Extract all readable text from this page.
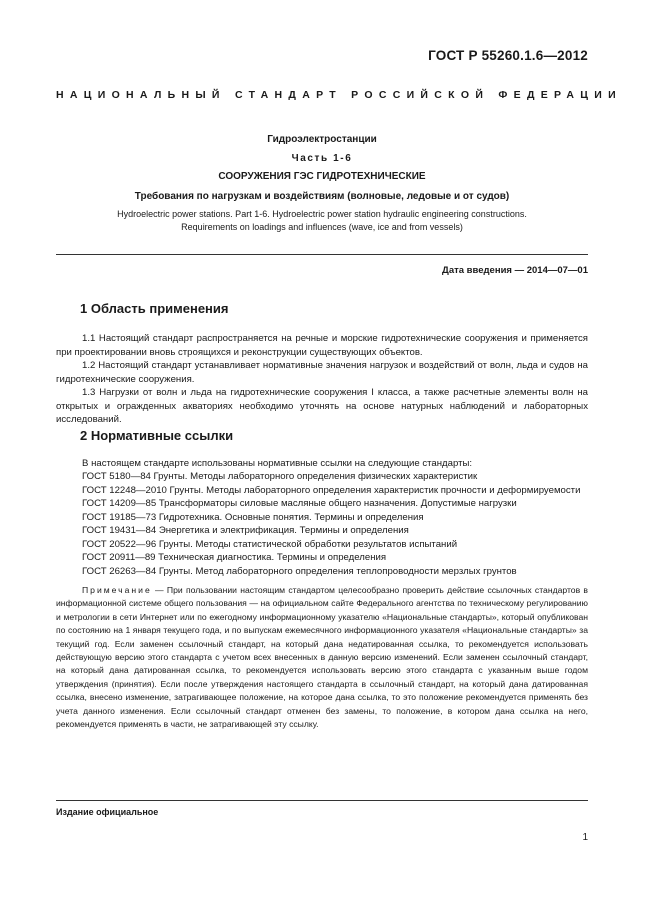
ГОСТ Р 55260.1.6—2012
НАЦИОНАЛЬНЫЙ СТАНДАРТ РОССИЙСКОЙ ФЕДЕРАЦИИ
Гидроэлектростанции
Часть 1-6
СООРУЖЕНИЯ ГЭС ГИДРОТЕХНИЧЕСКИЕ
Требования по нагрузкам и воздействиям (волновые, ледовые и от судов)
Hydroelectric power stations. Part 1-6. Hydroelectric power station hydraulic engineering constructions.
Requirements on loadings and influences (wave, ice and from vessels)
Дата введения — 2014—07—01
1 Область применения

1.1 Настоящий стандарт распространяется на речные и морские гидротехнические сооружения и применяется при проектировании вновь строящихся и реконструкции существующих объектов.

1.2 Настоящий стандарт устанавливает нормативные значения нагрузок и воздействий от волн, льда и судов на гидротехнические сооружения.

1.3 Нагрузки от волн и льда на гидротехнические сооружения I класса, а также расчетные элементы волн на открытых и огражденных акваториях необходимо уточнять на основе натурных наблюдений и лабораторных исследований.

2 Нормативные ссылки

В настоящем стандарте использованы нормативные ссылки на следующие стандарты:

ГОСТ 5180—84 Грунты. Методы лабораторного определения физических характеристик

ГОСТ 12248—2010 Грунты. Методы лабораторного определения характеристик прочности и деформируемости

ГОСТ 14209—85 Трансформаторы силовые масляные общего назначения. Допустимые нагрузки

ГОСТ 19185—73 Гидротехника. Основные понятия. Термины и определения

ГОСТ 19431—84 Энергетика и электрификация. Термины и определения

ГОСТ 20522—96 Грунты. Методы статистической обработки результатов испытаний

ГОСТ 20911—89 Техническая диагностика. Термины и определения

ГОСТ 26263—84 Грунты. Метод лабораторного определения теплопроводности мерзлых грунтов

Примечание — При пользовании настоящим стандартом целесообразно проверить действие ссылочных стандартов в информационной системе общего пользования — на официальном сайте Федерального агентства по техническому регулированию и метрологии в сети Интернет или по ежегодному информационному указателю «Национальные стандарты», который опубликован по состоянию на 1 января текущего года, и по выпускам ежемесячного информационного указателя «Национальные стандарты» за текущий год. Если заменен ссылочный стандарт, на который дана недатированная ссылка, то рекомендуется использовать действующую версию этого стандарта с учетом всех внесенных в данную версию изменений. Если заменен ссылочный стандарт, на который дана датированная ссылка, то рекомендуется использовать версию этого стандарта с указанным выше годом утверждения (принятия). Если после утверждения настоящего стандарта в ссылочный стандарт, на который дана датированная ссылка, внесено изменение, затрагивающее положение, на которое дана ссылка, то это положение рекомендуется применять без учета данного изменения. Если ссылочный стандарт отменен без замены, то положение, в котором дана ссылка на него, рекомендуется применять в части, не затрагивающей эту ссылку.

Издание официальное
1
